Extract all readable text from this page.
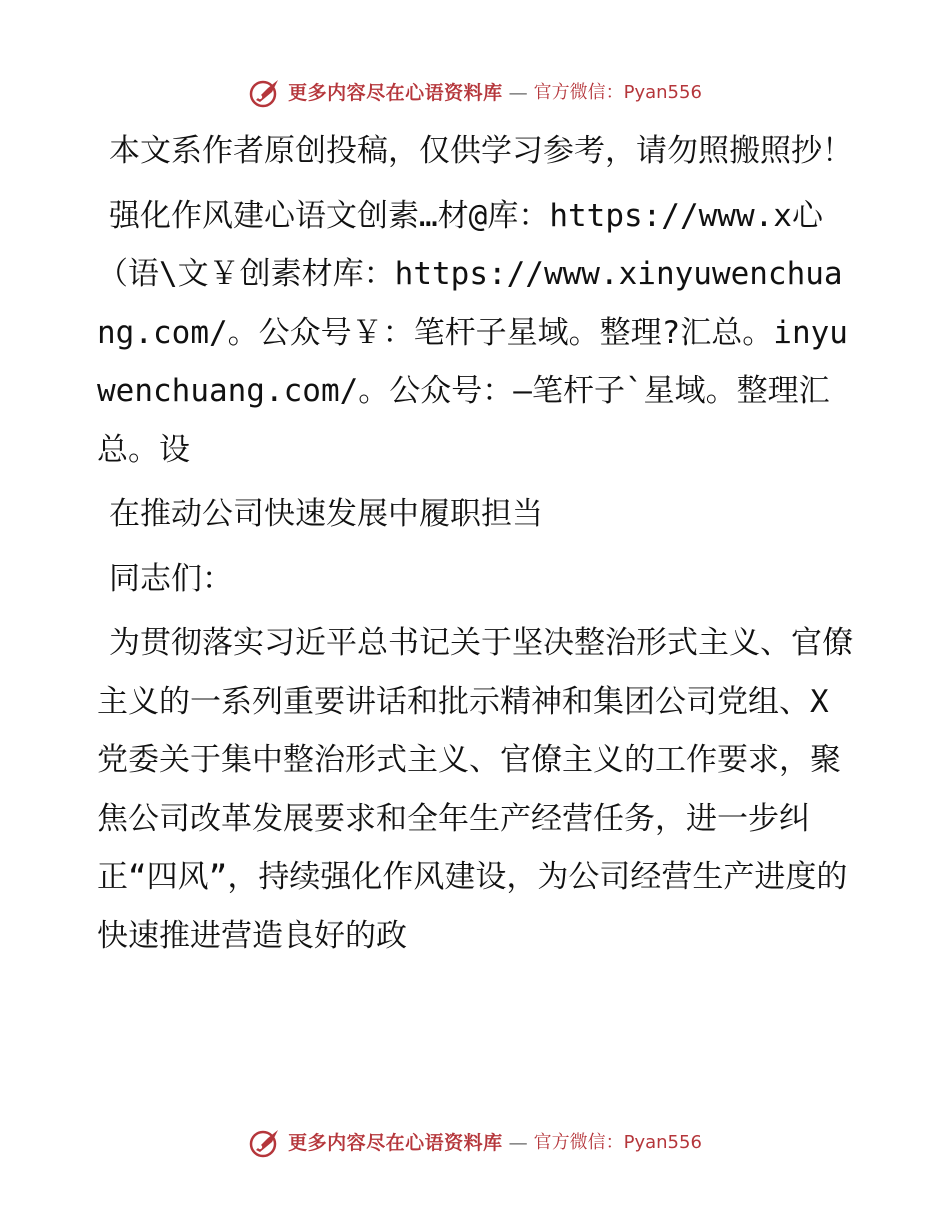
更多内容尽在心语资料库 — 官方微信：Pyan556

本文系作者原创投稿，仅供学习参考，请勿照搬照抄！

强化作风建心语文创素…材@库：https://www.x心（语\文￥创素材库：https://www.xinyuwenchuang.com/。公众号￥：笔杆子星域。整理?汇总。inyuwenchuang.com/。公众号：—笔杆子`星域。整理汇总。设

在推动公司快速发展中履职担当

同志们：

为贯彻落实习近平总书记关于坚决整治形式主义、官僚主义的一系列重要讲话和批示精神和集团公司党组、X党委关于集中整治形式主义、官僚主义的工作要求，聚焦公司改革发展要求和全年生产经营任务，进一步纠正“四风”，持续强化作风建设，为公司经营生产进度的快速推进营造良好的政

更多内容尽在心语资料库 — 官方微信：Pyan556
